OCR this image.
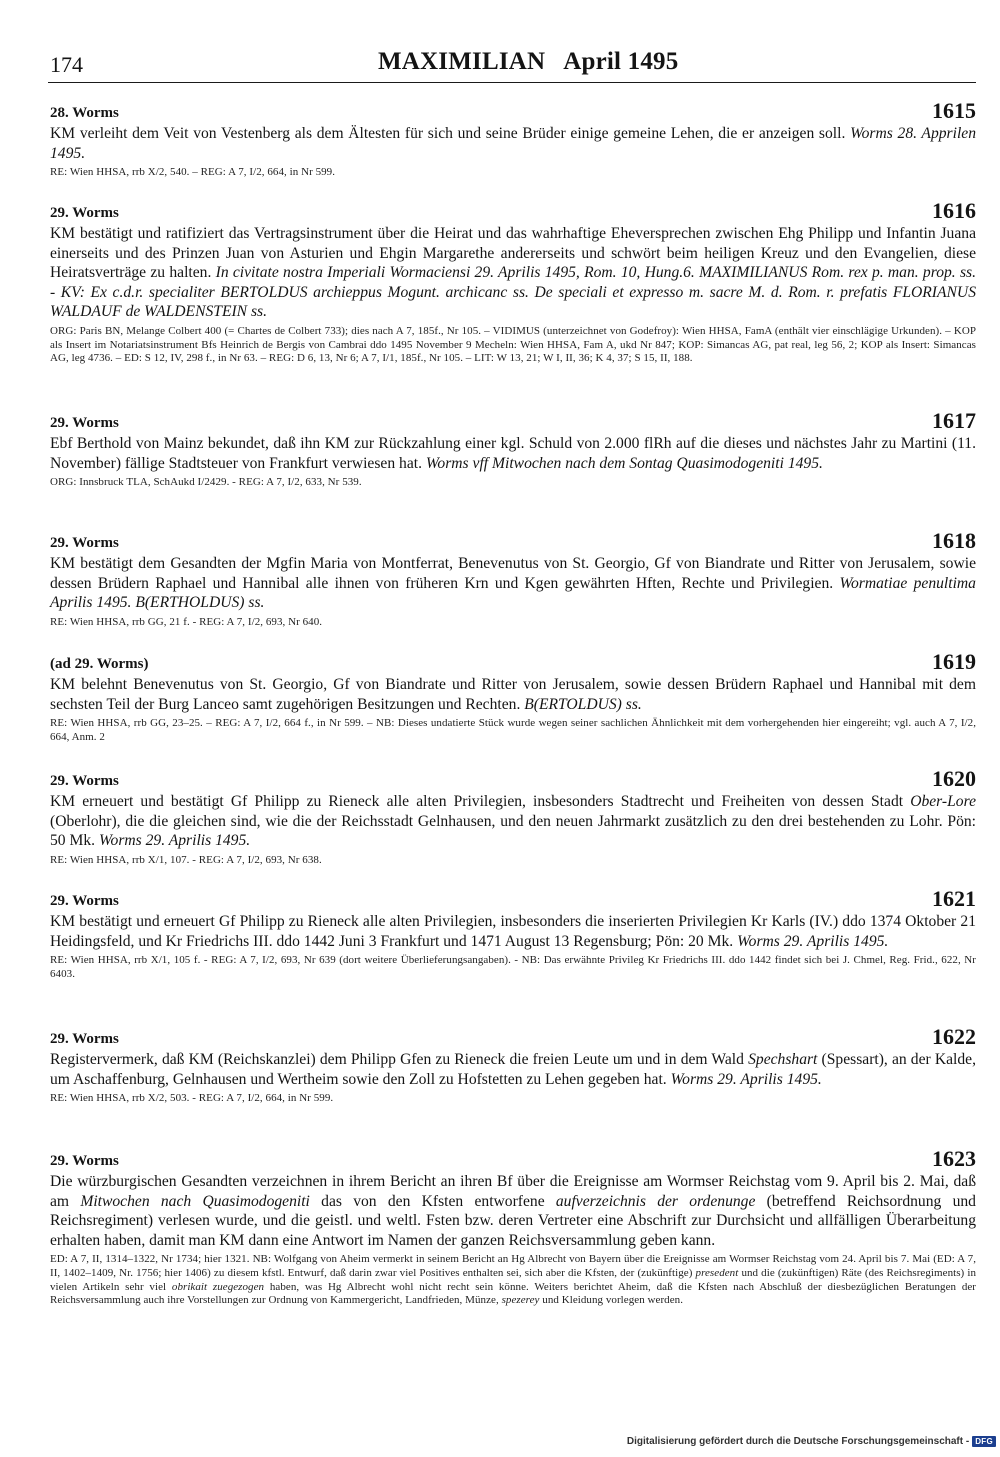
174	MAXIMILIAN   April 1495
28. Worms	1615

KM verleiht dem Veit von Vestenberg als dem Ältesten für sich und seine Brüder einige gemeine Lehen, die er anzeigen soll. Worms 28. Apprilen 1495.

RE: Wien HHSA, rrb X/2, 540. – REG: A 7, I/2, 664, in Nr 599.

29. Worms	1616

KM bestätigt und ratifiziert das Vertragsinstrument über die Heirat und das wahrhaftige Eheversprechen zwischen Ehg Philipp und Infantin Juana einerseits und des Prinzen Juan von Asturien und Ehgin Margarethe andererseits und schwört beim heiligen Kreuz und den Evangelien, diese Heiratsverträge zu halten. In civitate nostra Imperiali Wormaciensi 29. Aprilis 1495, Rom. 10, Hung.6. MAXIMILIANUS Rom. rex p. man. prop. ss. - KV: Ex c.d.r. specialiter BERTOLDUS archieppus Mogunt. archicanc ss. De speciali et expresso m. sacre M. d. Rom. r. prefatis FLORIANUS WALDAUF de WALDENSTEIN ss.

ORG: Paris BN, Melange Colbert 400 (= Chartes de Colbert 733); dies nach A 7, 185f., Nr 105. – VIDIMUS (unterzeichnet von Godefroy): Wien HHSA, FamA (enthält vier einschlägige Urkunden). – KOP als Insert im Notariatsinstrument Bfs Heinrich de Bergis von Cambrai ddo 1495 November 9 Mecheln: Wien HHSA, Fam A, ukd Nr 847; KOP: Simancas AG, pat real, leg 56, 2; KOP als Insert: Simancas AG, leg 4736. – ED: S 12, IV, 298 f., in Nr 63. – REG: D 6, 13, Nr 6; A 7, I/1, 185f., Nr 105. – LIT: W 13, 21; W I, II, 36; K 4, 37; S 15, II, 188.

29. Worms	1617

Ebf Berthold von Mainz bekundet, daß ihn KM zur Rückzahlung einer kgl. Schuld von 2.000 flRh auf die dieses und nächstes Jahr zu Martini (11. November) fällige Stadtsteuer von Frankfurt verwiesen hat. Worms vff Mitwochen nach dem Sontag Quasimodogeniti 1495.

ORG: Innsbruck TLA, SchAukd I/2429. - REG: A 7, I/2, 633, Nr 539.

29. Worms	1618

KM bestätigt dem Gesandten der Mgfin Maria von Montferrat, Benevenutus von St. Georgio, Gf von Biandrate und Ritter von Jerusalem, sowie dessen Brüdern Raphael und Hannibal alle ihnen von früheren Krn und Kgen gewährten Hften, Rechte und Privilegien. Wormatiae penultima Aprilis 1495. B(ERTHOLDUS) ss.

RE: Wien HHSA, rrb GG, 21 f. - REG: A 7, I/2, 693, Nr 640.

(ad 29. Worms)	1619

KM belehnt Benevenutus von St. Georgio, Gf von Biandrate und Ritter von Jerusalem, sowie dessen Brüdern Raphael und Hannibal mit dem sechsten Teil der Burg Lanceo samt zugehörigen Besitzungen und Rechten. B(ERTOLDUS) ss.

RE: Wien HHSA, rrb GG, 23–25. – REG: A 7, I/2, 664 f., in Nr 599. – NB: Dieses undatierte Stück wurde wegen seiner sachlichen Ähnlichkeit mit dem vorhergehenden hier eingereiht; vgl. auch A 7, I/2, 664, Anm. 2

29. Worms	1620

KM erneuert und bestätigt Gf Philipp zu Rieneck alle alten Privilegien, insbesonders Stadtrecht und Freiheiten von dessen Stadt Ober-Lore (Oberlohr), die die gleichen sind, wie die der Reichsstadt Gelnhausen, und den neuen Jahrmarkt zusätzlich zu den drei bestehenden zu Lohr. Pön: 50 Mk. Worms 29. Aprilis 1495.

RE: Wien HHSA, rrb X/1, 107. - REG: A 7, I/2, 693, Nr 638.

29. Worms	1621

KM bestätigt und erneuert Gf Philipp zu Rieneck alle alten Privilegien, insbesonders die inserierten Privilegien Kr Karls (IV.) ddo 1374 Oktober 21 Heidingsfeld, und Kr Friedrichs III. ddo 1442 Juni 3 Frankfurt und 1471 August 13 Regensburg; Pön: 20 Mk. Worms 29. Aprilis 1495.

RE: Wien HHSA, rrb X/1, 105 f. - REG: A 7, I/2, 693, Nr 639 (dort weitere Überlieferungsangaben). - NB: Das erwähnte Privileg Kr Friedrichs III. ddo 1442 findet sich bei J. Chmel, Reg. Frid., 622, Nr 6403.

29. Worms	1622

Registervermerk, daß KM (Reichskanzlei) dem Philipp Gfen zu Rieneck die freien Leute um und in dem Wald Spechshart (Spessart), an der Kalde, um Aschaffenburg, Gelnhausen und Wertheim sowie den Zoll zu Hofstetten zu Lehen gegeben hat. Worms 29. Aprilis 1495.

RE: Wien HHSA, rrb X/2, 503. - REG: A 7, I/2, 664, in Nr 599.

29. Worms	1623

Die würzburgischen Gesandten verzeichnen in ihrem Bericht an ihren Bf über die Ereignisse am Wormser Reichstag vom 9. April bis 2. Mai, daß am Mitwochen nach Quasimodogeniti das von den Kfsten entworfene aufverzeichnis der ordenunge (betreffend Reichsordnung und Reichsregiment) verlesen wurde, und die geistl. und weltl. Fsten bzw. deren Vertreter eine Abschrift zur Durchsicht und allfälligen Überarbeitung erhalten haben, damit man KM dann eine Antwort im Namen der ganzen Reichsversammlung geben kann.

ED: A 7, II, 1314–1322, Nr 1734; hier 1321. NB: Wolfgang von Aheim vermerkt in seinem Bericht an Hg Albrecht von Bayern über die Ereignisse am Wormser Reichstag vom 24. April bis 7. Mai (ED: A 7, II, 1402–1409, Nr. 1756; hier 1406) zu diesem kfstl. Entwurf, daß darin zwar viel Positives enthalten sei, sich aber die Kfsten, der (zukünftige) presedent und die (zukünftigen) Räte (des Reichsregiments) in vielen Artikeln sehr viel obrikait zuegezogen haben, was Hg Albrecht wohl nicht recht sein könne. Weiters berichtet Aheim, daß die Kfsten nach Abschluß der diesbezüglichen Beratungen der Reichsversammlung auch ihre Vorstellungen zur Ordnung von Kammergericht, Landfrieden, Münze, spezerey und Kleidung vorlegen werden.

Digitalisierung gefördert durch die Deutsche Forschungsgemeinschaft - DFG
